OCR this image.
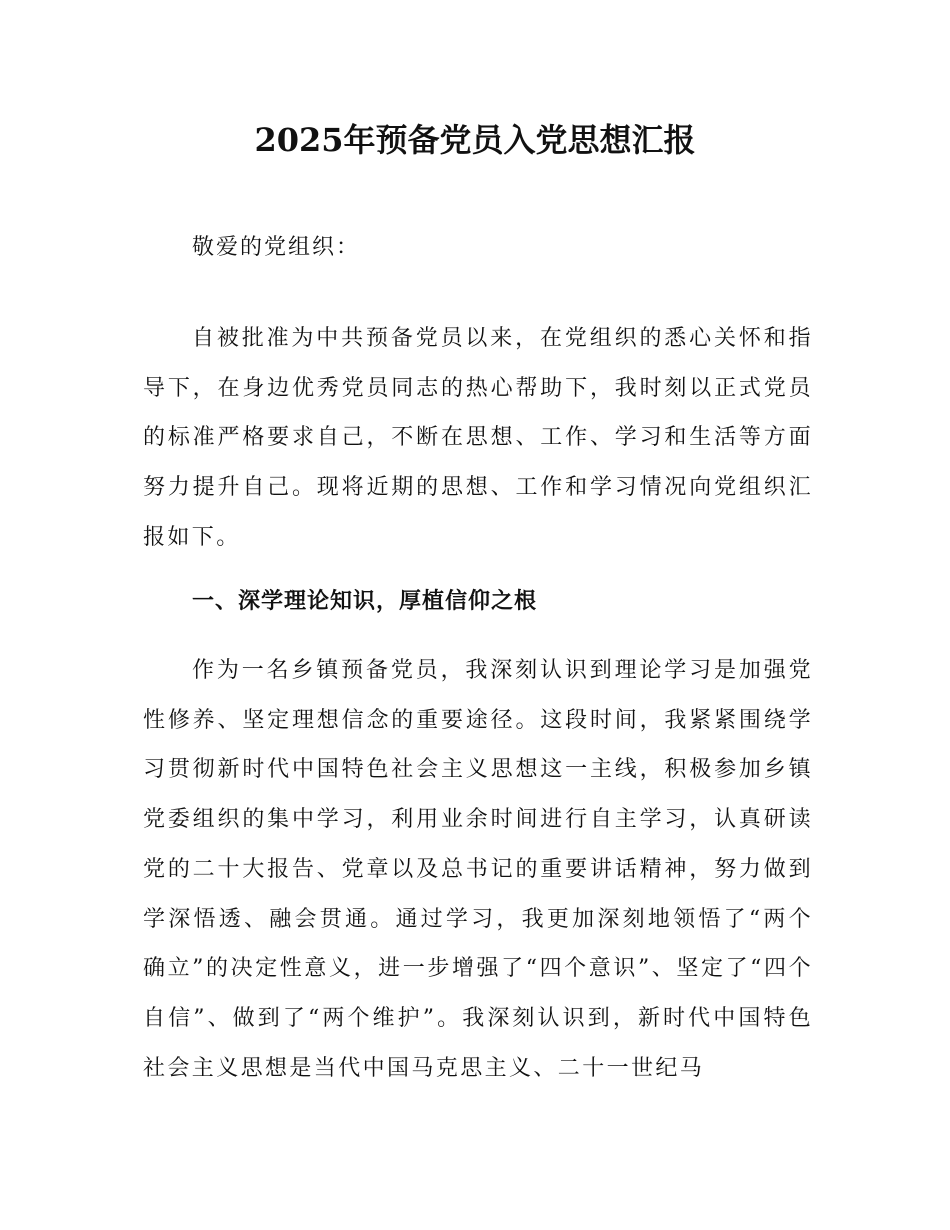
2025年预备党员入党思想汇报

敬爱的党组织：

自被批准为中共预备党员以来，在党组织的悉心关怀和指导下，在身边优秀党员同志的热心帮助下，我时刻以正式党员的标准严格要求自己，不断在思想、工作、学习和生活等方面努力提升自己。现将近期的思想、工作和学习情况向党组织汇报如下。

一、深学理论知识，厚植信仰之根

作为一名乡镇预备党员，我深刻认识到理论学习是加强党性修养、坚定理想信念的重要途径。这段时间，我紧紧围绕学习贯彻新时代中国特色社会主义思想这一主线，积极参加乡镇党委组织的集中学习，利用业余时间进行自主学习，认真研读党的二十大报告、党章以及总书记的重要讲话精神，努力做到学深悟透、融会贯通。通过学习，我更加深刻地领悟了“两个确立”的决定性意义，进一步增强了“四个意识”、坚定了“四个自信”、做到了“两个维护”。我深刻认识到，新时代中国特色社会主义思想是当代中国马克思主义、二十一世纪马
